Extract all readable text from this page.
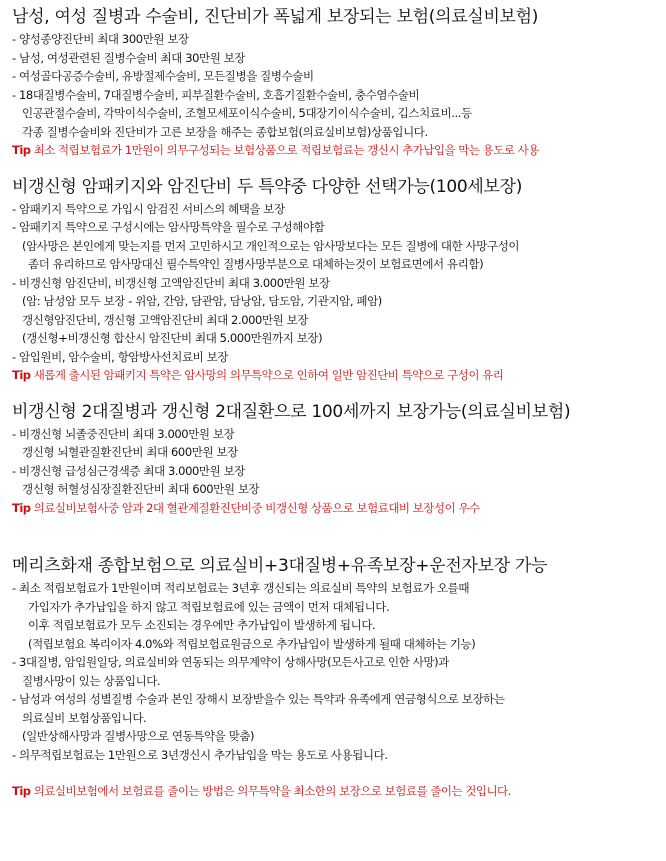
남성, 여성 질병과 수술비, 진단비가 폭넓게 보장되는 보험(의료실비보험)
- 양성종양진단비 최대 300만원 보장
- 남성, 여성관련된 질병수술비 최대 30만원 보장
- 여성골다공증수술비, 유방절제수술비, 모든질병을 질병수술비
- 18대질병수술비, 7대질병수술비, 피부질환수술비, 호흡기질환수술비, 충수염수술비
인공관절수술비, 각막이식수술비, 조혈모세포이식수술비, 5대장기이식수술비, 깁스치료비...등
각종 질병수술비와 진단비가 고른 보장을 해주는 종합보험(의료실비보험)상품입니다.
Tip 최소 적립보험료가 1만원이 의무구성되는 보험상품으로 적립보험료는 갱신시 추가납입을 막는 용도로 사용
비갱신형 암패키지와 암진단비 두 특약중 다양한 선택가능(100세보장)
- 암패키지 특약으로 가입시 암검진 서비스의 혜택을 보장
- 암패키지 특약으로 구성시에는 암사망특약을 필수로 구성해야함
(암사망은 본인에게 맞는지를 먼저 고민하시고 개인적으로는 암사망보다는 모든 질병에 대한 사망구성이
좀더 유리하므로 암사망대신 필수특약인 질병사망부분으로 대체하는것이 보험료면에서 유리함)
- 비갱신형 암진단비, 비갱신형 고액암진단비 최대 3.000만원 보장
(암: 남성암 모두 보장 - 위암, 간암, 담관암, 담낭암, 담도암, 기관지암, 폐암)
갱신형암진단비, 갱신형 고액암진단비 최대 2.000만원 보장
(갱신형+비갱신형 합산시 암진단비 최대 5.000만원까지 보장)
- 암입원비, 암수술비, 항암방사선치료비 보장
Tip 새롭게 출시된 암패키지 특약은 암사망의 의무특약으로 인하여 일반 암진단비 특약으로 구성이 유리
비갱신형 2대질병과 갱신형 2대질환으로 100세까지 보장가능(의료실비보험)
- 비갱신형 뇌졸중진단비 최대 3.000만원 보장
갱신형 뇌혈관질환진단비 최대 600만원 보장
- 비갱신형 급성심근경색증 최대 3.000만원 보장
갱신형 허혈성심장질환진단비 최대 600만원 보장
Tip 의료실비보험사중 암과 2대 혈관계질환진단비중 비갱신형 상품으로 보험료대비 보장성이 우수
메리츠화재 종합보험으로 의료실비+3대질병+유족보장+운전자보장 가능
- 최소 적립보험료가 1만원이며 적리보험료는 3년후 갱신되는 의료실비 특약의 보험료가 오를때
가입자가 추가납입을 하지 않고 적립보험료에 있는 금액이 먼저 대체됩니다.
이후 적립보험료가 모두 소진되는 경우에만 추가납입이 발생하게 됩니다.
(적립보험요 복리이자 4.0%와 적립보험료원금으로 추가납입이 발생하게 될때 대체하는 기능)
- 3대질병, 암입원일당, 의료실비와 연동되는 의무계약이 상해사망(모든사고로 인한 사망)과
질병사망이 있는 상품입니다.
- 남성과 여성의 성별질병 수술과 본인 장해시 보장받을수 있는 특약과 유족에게 연금형식으로 보장하는
의료실비 보험상품입니다.
(일반상해사망과 질병사망으로 연동특약을 맞춤)
- 의무적립보험료는 1만원으로 3년갱신시 추가납입을 막는 용도로 사용됩니다.
Tip 의료실비보험에서 보험료를 줄이는 방법은 의무특약을 최소한의 보장으로 보험료를 줄이는 것입니다.
